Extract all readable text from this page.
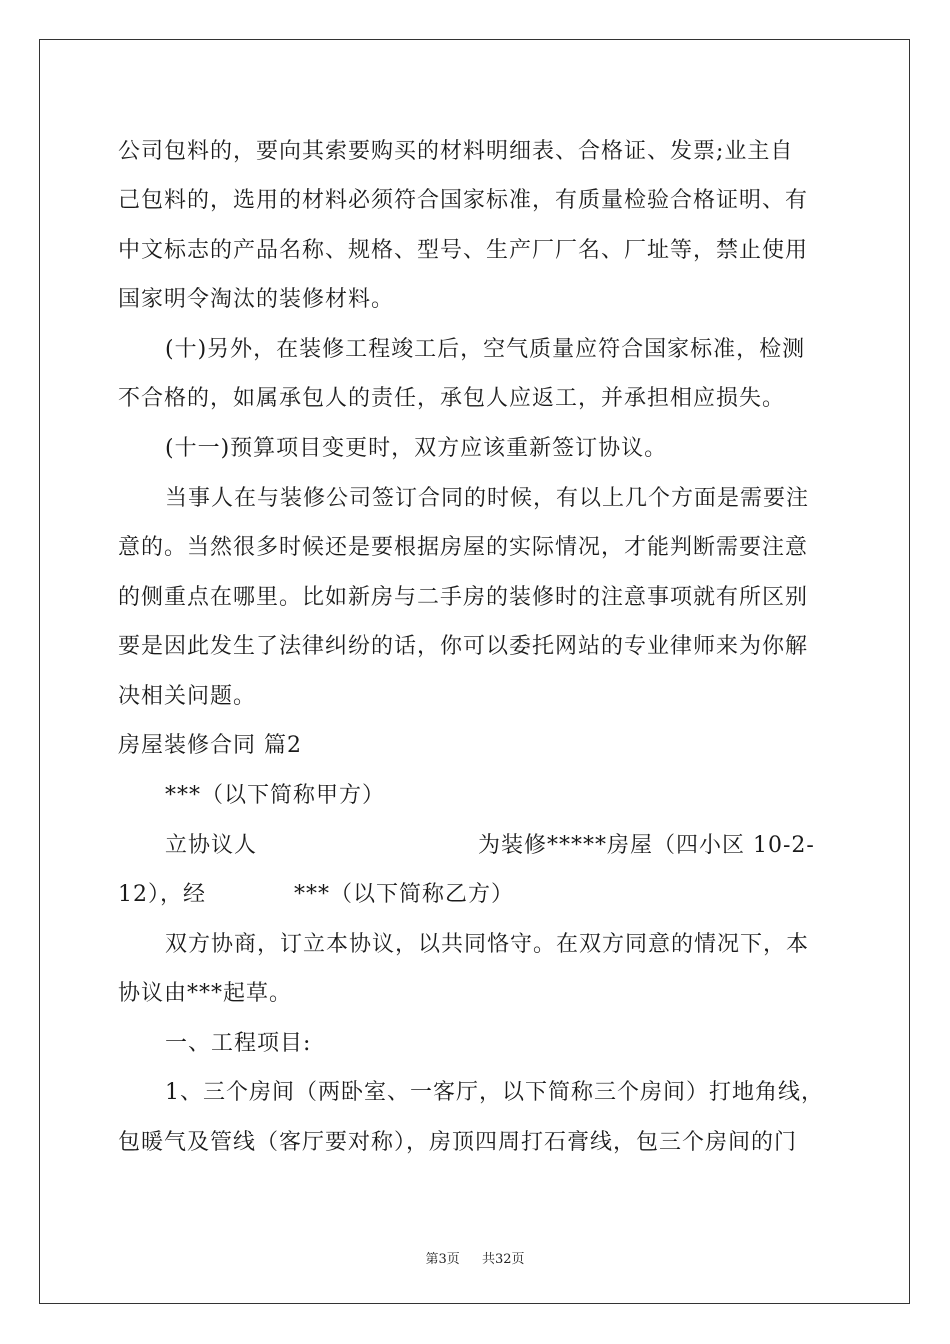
公司包料的，要向其索要购买的材料明细表、合格证、发票;业主自
己包料的，选用的材料必须符合国家标准，有质量检验合格证明、有
中文标志的产品名称、规格、型号、生产厂厂名、厂址等，禁止使用
国家明令淘汰的装修材料。
(十)另外，在装修工程竣工后，空气质量应符合国家标准，检测
不合格的，如属承包人的责任，承包人应返工，并承担相应损失。
(十一)预算项目变更时，双方应该重新签订协议。
当事人在与装修公司签订合同的时候，有以上几个方面是需要注
意的。当然很多时候还是要根据房屋的实际情况，才能判断需要注意
的侧重点在哪里。比如新房与二手房的装修时的注意事项就有所区别
要是因此发生了法律纠纷的话，你可以委托网站的专业律师来为你解
决相关问题。
房屋装修合同 篇2
***（以下简称甲方）
立协议人	为装修*****房屋（四小区 10-2-
12），经	***（以下简称乙方）
双方协商，订立本协议，以共同恪守。在双方同意的情况下，本
协议由***起草。
一、工程项目:
1、三个房间（两卧室、一客厅，以下简称三个房间）打地角线，
包暖气及管线（客厅要对称），房顶四周打石膏线，包三个房间的门
第3页 共32页
